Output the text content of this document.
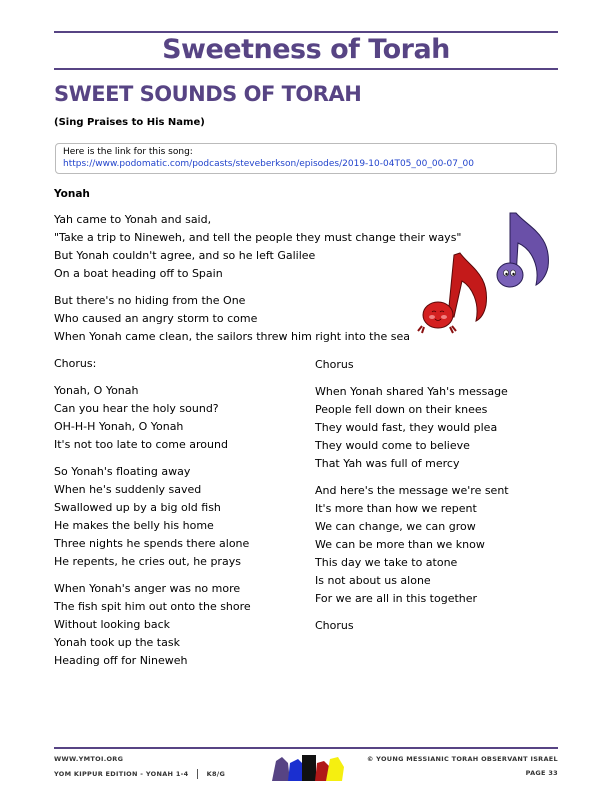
Sweetness of Torah
SWEET SOUNDS OF TORAH
(Sing Praises to His Name)
Here is the link for this song:
https://www.podomatic.com/podcasts/steveberkson/episodes/2019-10-04T05_00_00-07_00
Yonah
Yah came to Yonah and said,
"Take a trip to Nineweh, and tell the people they must change their ways"
But Yonah couldn't agree, and so he left Galilee
On a boat heading off to Spain
But there's no hiding from the One
Who caused an angry storm to come
When Yonah came clean, the sailors threw him right into the sea
Chorus:
Yonah, O Yonah
Can you hear the holy sound?
OH-H-H Yonah, O Yonah
It's not too late to come around
So Yonah's floating away
When he's suddenly saved
Swallowed up by a big old fish
He makes the belly his home
Three nights he spends there alone
He repents, he cries out, he prays
When Yonah's anger was no more
The fish spit him out onto the shore
Without looking back
Yonah took up the task
Heading off for Nineweh
Chorus
When Yonah shared Yah's message
People fell down on their knees
They would fast, they would plea
They would come to believe
That Yah was full of mercy
And here's the message we're sent
It's more than how we repent
We can change, we can grow
We can be more than we know
This day we take to atone
Is not about us alone
For we are all in this together
Chorus
WWW.YMTOI.ORG
YOM KIPPUR EDITION - YONAH 1-4	K8/G
© YOUNG MESSIANIC TORAH OBSERVANT ISRAEL
PAGE 33
